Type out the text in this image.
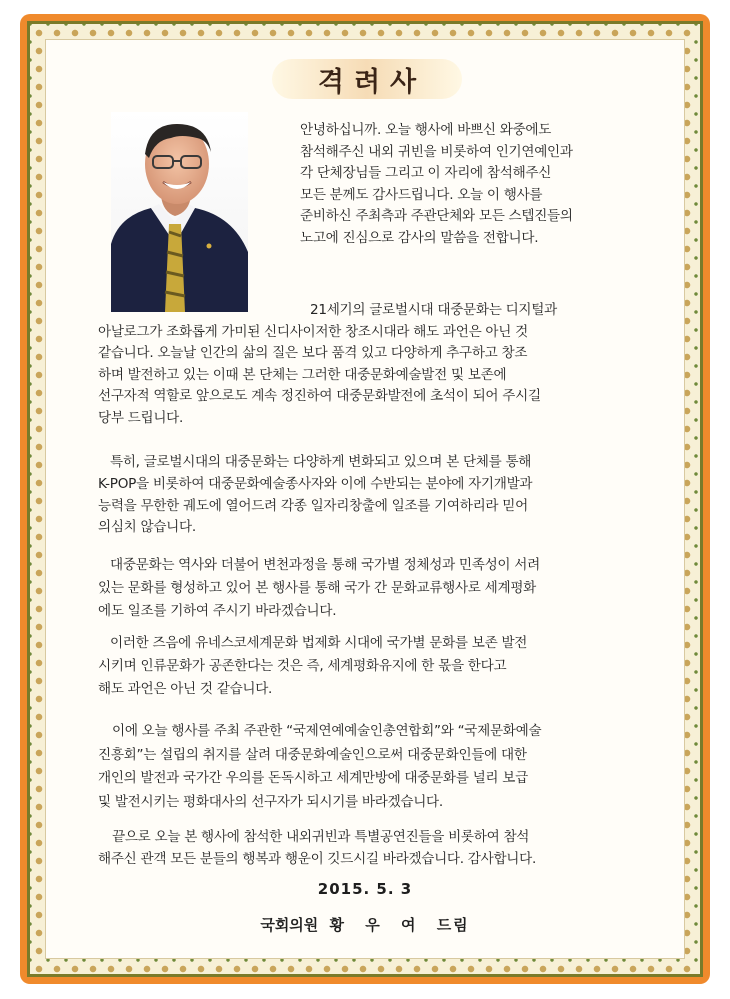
격려사
안녕하십니까. 오늘 행사에 바쁘신 와중에도
참석해주신 내외 귀빈을 비롯하여 인기연예인과
각 단체장님들 그리고 이 자리에 참석해주신
모든 분께도 감사드립니다. 오늘 이 행사를
준비하신 주최측과 주관단체와 모든 스텝진들의
노고에 진심으로 감사의 말씀을 전합니다.
21세기의 글로벌시대 대중문화는 디지털과
아날로그가 조화롭게 가미된 신디사이저한 창조시대라 해도 과언은 아닌 것
같습니다. 오늘날 인간의 삶의 질은 보다 품격 있고 다양하게 추구하고 창조
하며 발전하고 있는 이때 본 단체는 그러한 대중문화예술발전 및 보존에
선구자적 역할로 앞으로도 계속 정진하여 대중문화발전에 초석이 되어 주시길
당부 드립니다.
특히, 글로벌시대의 대중문화는 다양하게 변화되고 있으며 본 단체를 통해
K-POP을 비롯하여 대중문화예술종사자와 이에 수반되는 분야에 자기개발과
능력을 무한한 궤도에 열어드려 각종 일자리창출에 일조를 기여하리라 믿어
의심치 않습니다.
대중문화는 역사와 더불어 변천과정을 통해 국가별 정체성과 민족성이 서려
있는 문화를 형성하고 있어 본 행사를 통해 국가 간 문화교류행사로 세계평화
에도 일조를 기하여 주시기 바라겠습니다.
이러한 즈음에 유네스코세계문화 법제화 시대에 국가별 문화를 보존 발전
시키며 인류문화가 공존한다는 것은 즉, 세계평화유지에 한 몫을 한다고
해도 과언은 아닌 것 같습니다.
이에 오늘 행사를 주최 주관한 “국제연예예술인총연합회”와 “국제문화예술
진흥회”는 설립의 취지를 살려 대중문화예술인으로써 대중문화인들에 대한
개인의 발전과 국가간 우의를 돈독시하고 세계만방에 대중문화를 널리 보급
및 발전시키는 평화대사의 선구자가 되시기를 바라겠습니다.
끝으로 오늘 본 행사에 참석한 내외귀빈과 특별공연진들을 비롯하여 참석
해주신 관객 모든 분들의 행복과 행운이 깃드시길 바라겠습니다. 감사합니다.
2015. 5. 3
국회의원 황 우 여 드림
